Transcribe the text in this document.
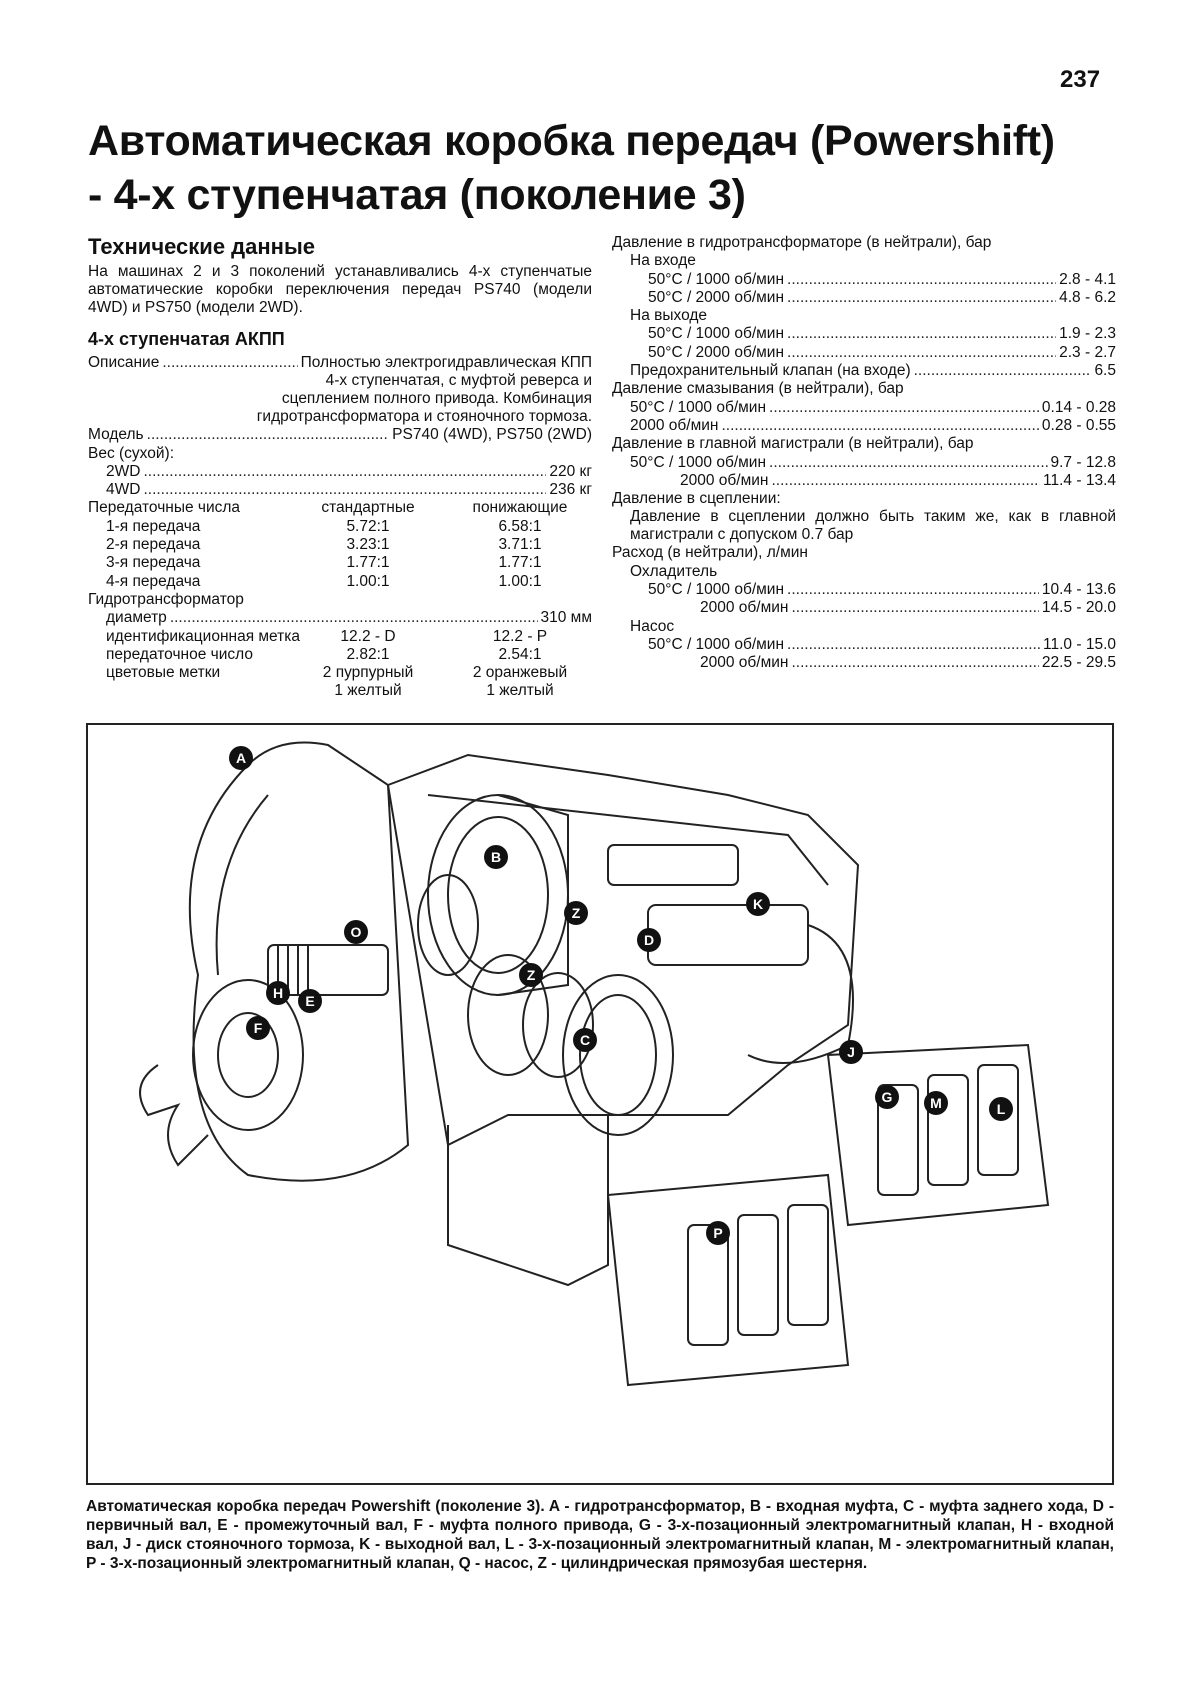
237
Автоматическая коробка передач (Powershift)
- 4-х ступенчатая (поколение 3)
Технические данные
На машинах 2 и 3 поколений устанавливались 4-х ступенчатые автоматические коробки переключения передач PS740 (модели 4WD) и PS750 (модели 2WD).
4-х ступенчатая АКПП
Описание .....	Полностью электрогидравлическая КПП
4-х ступенчатая, с муфтой реверса и сцеплением полного привода. Комбинация гидротрансформатора и стояночного тормоза.
Модель .....	PS740 (4WD), PS750 (2WD)
Вес (сухой):
2WD .....	220 кг
4WD .....	236 кг
Передаточные числа	стандартные	понижающие
1-я передача	5.72:1	6.58:1
2-я передача	3.23:1	3.71:1
3-я передача	1.77:1	1.77:1
4-я передача	1.00:1	1.00:1
Гидротрансформатор
диаметр .....	310 мм
идентификационная метка	12.2 - D	12.2 - P
передаточное число	2.82:1	2.54:1
цветовые метки	2 пурпурный	2 оранжевый
1 желтый	1 желтый
Давление в гидротрансформаторе (в нейтрали), бар
На входе
50°C / 1000 об/мин .....	2.8 - 4.1
50°C / 2000 об/мин .....	4.8 - 6.2
На выходе
50°C / 1000 об/мин .....	1.9 - 2.3
50°C / 2000 об/мин .....	2.3 - 2.7
Предохранительный клапан (на входе) .....	6.5
Давление смазывания (в нейтрали), бар
50°C / 1000 об/мин .....	0.14 - 0.28
2000 об/мин .....	0.28 - 0.55
Давление в главной магистрали (в нейтрали), бар
50°C / 1000 об/мин .....	9.7 - 12.8
2000 об/мин .....	11.4 - 13.4
Давление в сцеплении:
Давление в сцеплении должно быть таким же, как в главной магистрали с допуском 0.7 бар
Расход (в нейтрали), л/мин
Охладитель
50°C / 1000 об/мин .....	10.4 - 13.6
2000 об/мин .....	14.5 - 20.0
Насос
50°C / 1000 об/мин .....	11.0 - 15.0
2000 об/мин .....	22.5 - 29.5
A
B
C
D
E
F
G
H
J
K
L
M
O
P
Z
Z
Автоматическая коробка передач Powershift (поколение 3). A - гидротрансформатор, B - входная муфта, C - муфта заднего хода, D - первичный вал, E - промежуточный вал, F - муфта полного привода, G - 3-х-позационный электромагнитный клапан, H - входной вал, J - диск стояночного тормоза, K - выходной вал, L - 3-х-позационный электромагнитный клапан, M - электромагнитный клапан, P - 3-х-позационный электромагнитный клапан, Q - насос, Z - цилиндрическая прямозубая шестерня.
